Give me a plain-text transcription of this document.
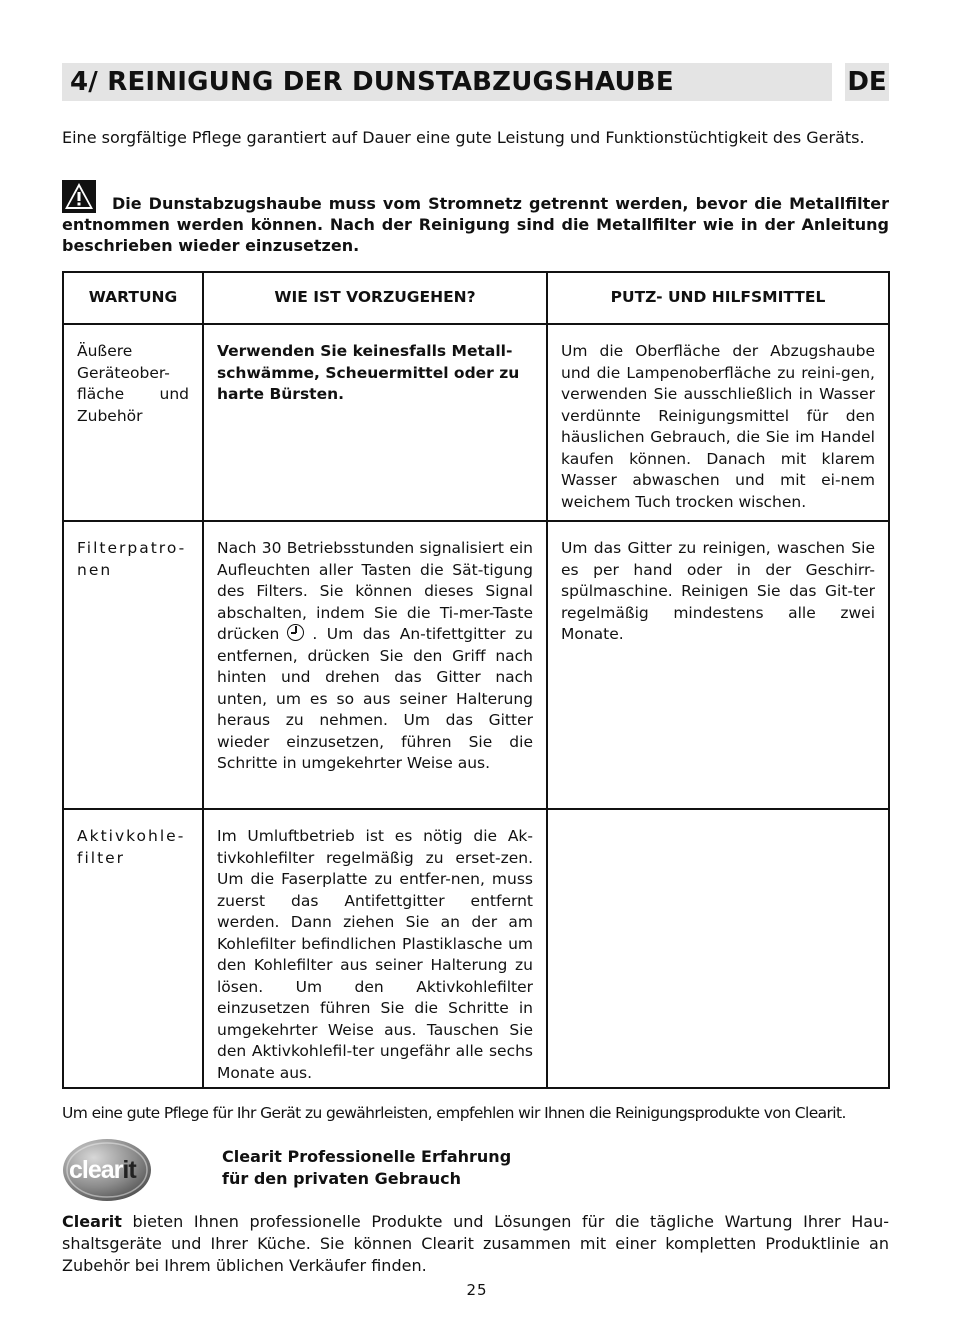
4/ REINIGUNG DER DUNSTABZUGSHAUBE	DE
Eine sorgfältige Pflege garantiert auf Dauer eine gute Leistung und Funktionstüchtigkeit des Geräts.
Die Dunstabzugshaube muss vom Stromnetz getrennt werden, bevor die Metallfilter entnommen werden können. Nach der Reinigung sind die Metallfilter wie in der Anleitung beschrieben wieder einzusetzen.
WARTUNG	WIE IST VORZUGEHEN?	PUTZ- UND HILFSMITTEL
Äußere Geräteober-fläche und Zubehör	Verwenden Sie keinesfalls Metall-schwämme, Scheuermittel oder zu harte Bürsten.	Um die Oberfläche der Abzugshaube und die Lampenoberfläche zu reini-gen, verwenden Sie ausschließlich in Wasser verdünnte Reinigungsmittel für den häuslichen Gebrauch, die Sie im Handel kaufen können. Danach mit klarem Wasser abwaschen und mit ei-nem weichem Tuch trocken wischen.
Filterpatro-nen	Nach 30 Betriebsstunden signalisiert ein Aufleuchten aller Tasten die Sät-tigung des Filters. Sie können dieses Signal abschalten, indem Sie die Ti-mer-Taste drücken . Um das An-tifettgitter zu entfernen, drücken Sie den Griff nach hinten und drehen das Gitter nach unten, um es so aus seiner Halterung heraus zu nehmen. Um das Gitter wieder einzusetzen, führen Sie die Schritte in umgekehrter Weise aus.	Um das Gitter zu reinigen, waschen Sie es per hand oder in der Geschirr-spülmaschine. Reinigen Sie das Git-ter regelmäßig mindestens alle zwei Monate.
Aktivkohle-filter	Im Umluftbetrieb ist es nötig die Ak-tivkohlefilter regelmäßig zu erset-zen. Um die Faserplatte zu entfer-nen, muss zuerst das Antifettgitter entfernt werden. Dann ziehen Sie an der am Kohlefilter befindlichen Plastiklasche um den Kohlefilter aus seiner Halterung zu lösen. Um den Aktivkohlefilter einzusetzen führen Sie die Schritte in umgekehrter Weise aus. Tauschen Sie den Aktivkohlefil-ter ungefähr alle sechs Monate aus.	
Um eine gute Pflege für Ihr Gerät zu gewährleisten, empfehlen wir Ihnen die Reinigungsprodukte von Clearit.
clearit	Clearit Professionelle Erfahrung
für den privaten Gebrauch
Clearit bieten Ihnen professionelle Produkte und Lösungen für die tägliche Wartung Ihrer Hau-shaltsgeräte und Ihrer Küche. Sie können Clearit zusammen mit einer kompletten Produktlinie an Zubehör bei Ihrem üblichen Verkäufer finden.
25
